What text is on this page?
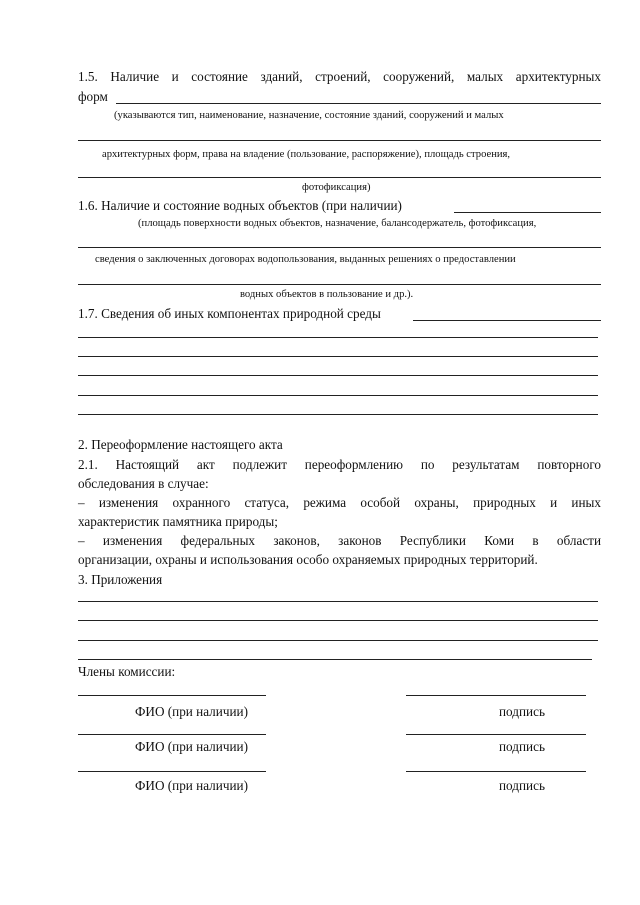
1.5. Наличие и состояние зданий, строений, сооружений, малых архитектурных
форм
(указываются тип, наименование, назначение, состояние зданий, сооружений и малых
архитектурных форм, права на владение (пользование, распоряжение), площадь строения,
фотофиксация)
1.6. Наличие и состояние водных объектов (при наличии)
(площадь поверхности водных объектов, назначение, балансодержатель, фотофиксация,
сведения о заключенных договорах водопользования, выданных решениях о предоставлении
водных объектов в пользование и др.).
1.7. Сведения об иных компонентах природной среды
2. Переоформление настоящего акта
2.1. Настоящий акт подлежит переоформлению по результатам повторного
обследования в случае:
– изменения охранного статуса, режима особой охраны, природных и иных
характеристик памятника природы;
– изменения федеральных законов, законов Республики Коми в области
организации, охраны и использования особо охраняемых природных территорий.
3. Приложения
Члены комиссии:
ФИО (при наличии)	подпись
ФИО (при наличии)	подпись
ФИО (при наличии)	подпись
